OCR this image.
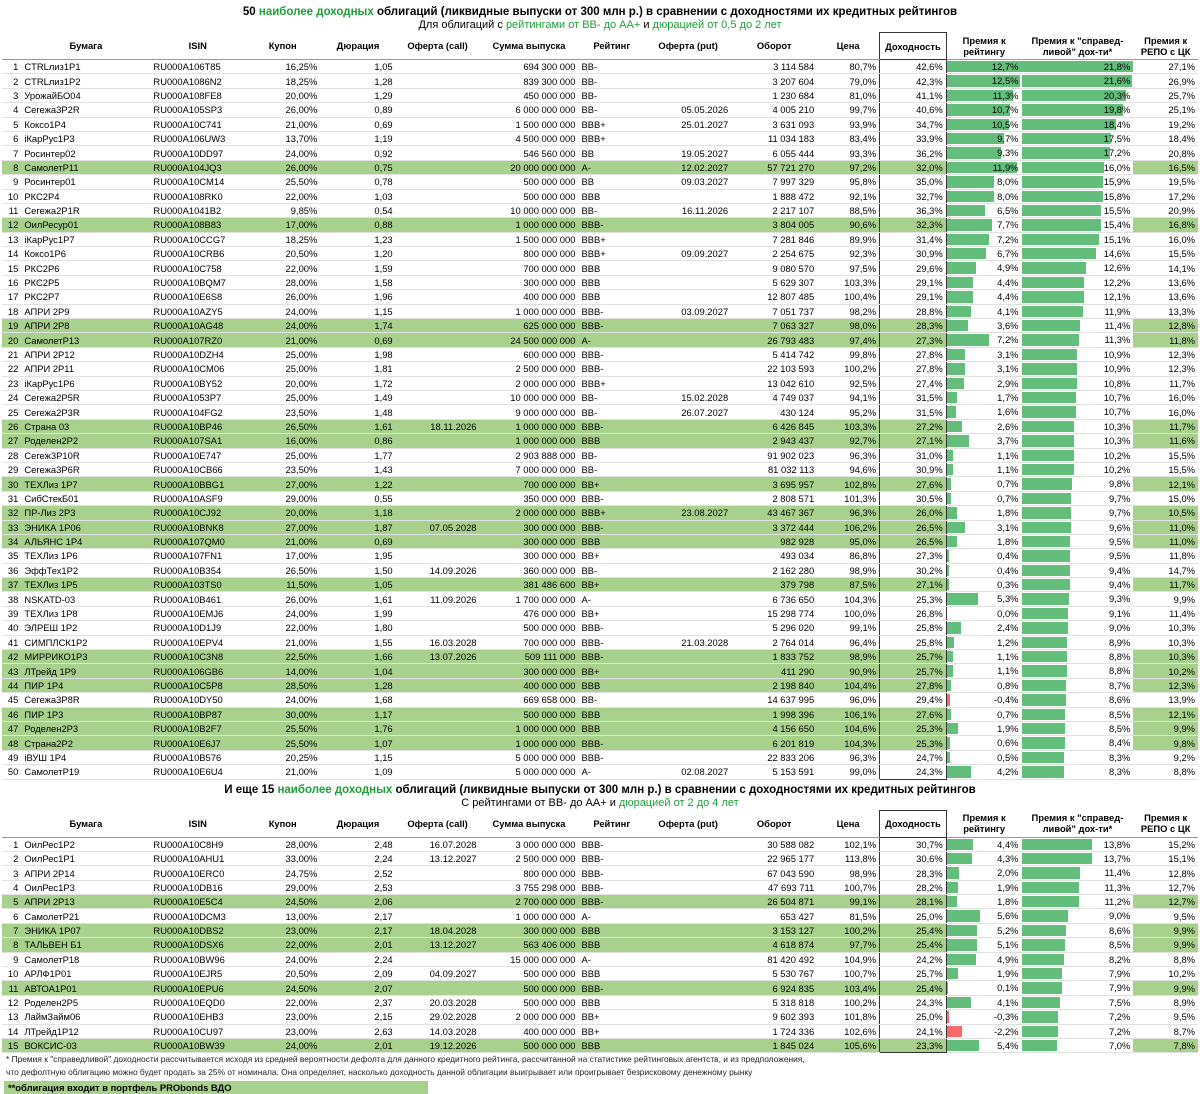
50 наиболее доходных облигаций (ликвидные выпуски от 300 млн р.) в сравнении с доходностями их кредитных рейтингов
Для облигаций с рейтингами от BB- до AA+ и дюрацией от 0,5 до 2 лет
	Бумага	ISIN	Купон	Дюрация	Оферта (call)	Сумма выпуска	Рейтинг	Оферта (put)	Оборот	Цена	Доходность	Премия к рейтингу	Премия к "справед-ливой" дох-ти*	Премия к РЕПО с ЦК
1	CTRLлиз1P1	RU000A106T85	16,25%	1,05		694 300 000	BB-		3 114 584	80,7%	42,6%	12,7%	21,8%	27,1%
2	CTRLлиз1P2	RU000A1086N2	18,25%	1,28		839 300 000	BB-		3 207 604	79,0%	42,3%	12,5%	21,6%	26,9%
3	УрожайБО04	RU000A108FE8	20,00%	1,29		450 000 000	BB-		1 230 684	81,0%	41,1%	11,3%	20,3%	25,7%
4	Сегежа3Р2R	RU000A105SP3	26,00%	0,89		6 000 000 000	BB-	05.05.2026	4 005 210	99,7%	40,6%	10,7%	19,8%	25,1%
5	Коксо1P4	RU000A10C741	21,00%	0,69		1 500 000 000	BBB+	25.01.2027	3 631 093	93,9%	34,7%	10,5%	18,4%	19,2%
6	iКарРус1P3	RU000A106UW3	13,70%	1,19		4 500 000 000	BBB+		11 034 183	83,4%	33,9%	9,7%	17,5%	18,4%
7	Росинтер02	RU000A10DD97	24,00%	0,92		546 560 000	BB	19.05.2027	6 055 444	93,3%	36,2%	9,3%	17,2%	20,8%
8	СамолетP11	RU000A104JQ3	26,00%	0,75		20 000 000 000	A-	12.02.2027	57 721 270	97,2%	32,0%	11,9%	16,0%	16,5%
9	Росинтер01	RU000A10CM14	25,50%	0,78		500 000 000	BB	09.03.2027	7 997 329	95,8%	35,0%	8,0%	15,9%	19,5%
10	РКС2P4	RU000A108RK0	22,00%	1,03		500 000 000	BBB		1 888 472	92,1%	32,7%	8,0%	15,8%	17,2%
11	Сегежа2P1R	RU000A1041B2	9,85%	0,54		10 000 000 000	BB-	16.11.2026	2 217 107	88,5%	36,3%	6,5%	15,5%	20,9%
12	ОилРесур01	RU000A108B83	17,00%	0,88		1 000 000 000	BBB-		3 804 005	90,6%	32,3%	7,7%	15,4%	16,8%
13	iКарРус1P7	RU000A10CCG7	18,25%	1,23		1 500 000 000	BBB+		7 281 846	89,9%	31,4%	7,2%	15,1%	16,0%
14	Коксо1P6	RU000A10CRB6	20,50%	1,20		800 000 000	BBB+	09.09.2027	2 254 675	92,3%	30,9%	6,7%	14,6%	15,5%
15	РКС2P6	RU000A10C758	22,00%	1,59		700 000 000	BBB		9 080 570	97,5%	29,6%	4,9%	12,6%	14,1%
16	РКС2P5	RU000A10BQM7	28,00%	1,58		300 000 000	BBB		5 629 307	103,3%	29,1%	4,4%	12,2%	13,6%
17	РКС2P7	RU000A10E6S8	26,00%	1,96		400 000 000	BBB		12 807 485	100,4%	29,1%	4,4%	12,1%	13,6%
18	АПРИ 2Р9	RU000A10AZY5	24,00%	1,15		1 000 000 000	BBB-	03.09.2027	7 051 737	98,2%	28,8%	4,1%	11,9%	13,3%
19	АПРИ 2Р8	RU000A10AG48	24,00%	1,74		625 000 000	BBB-		7 063 327	98,0%	28,3%	3,6%	11,4%	12,8%
20	СамолетP13	RU000A107RZ0	21,00%	0,69		24 500 000 000	A-		26 793 483	97,4%	27,3%	7,2%	11,3%	11,8%
21	АПРИ 2Р12	RU000A10DZH4	25,00%	1,98		600 000 000	BBB-		5 414 742	99,8%	27,8%	3,1%	10,9%	12,3%
22	АПРИ 2Р11	RU000A10CM06	25,00%	1,81		2 500 000 000	BBB-		22 103 593	100,2%	27,8%	3,1%	10,9%	12,3%
23	iКарРус1P6	RU000A10BY52	20,00%	1,72		2 000 000 000	BBB+		13 042 610	92,5%	27,4%	2,9%	10,8%	11,7%
24	Сегежа2P5R	RU000A1053P7	25,00%	1,49		10 000 000 000	BB-	15.02.2028	4 749 037	94,1%	31,5%	1,7%	10,7%	16,0%
25	Сегежа2P3R	RU000A104FG2	23,50%	1,48		9 000 000 000	BB-	26.07.2027	430 124	95,2%	31,5%	1,6%	10,7%	16,0%
26	Страна 03	RU000A10BP46	26,50%	1,61	18.11.2026	1 000 000 000	BBB-		6 426 845	103,3%	27,2%	2,6%	10,3%	11,7%
27	Роделен2P2	RU000A107SA1	16,00%	0,86		1 000 000 000	BBB		2 943 437	92,7%	27,1%	3,7%	10,3%	11,6%
28	Сегеж3P10R	RU000A10E747	25,00%	1,77		2 903 888 000	BB-		91 902 023	96,3%	31,0%	1,1%	10,2%	15,5%
29	Сегежа3Р6R	RU000A10CB66	23,50%	1,43		7 000 000 000	BB-		81 032 113	94,6%	30,9%	1,1%	10,2%	15,5%
30	ТЕХЛиз 1Р7	RU000A10BBG1	27,00%	1,22		700 000 000	BB+		3 695 957	102,8%	27,6%	0,7%	9,8%	12,1%
31	СибСтекБ01	RU000A10ASF9	29,00%	0,55		350 000 000	BBB-		2 808 571	101,3%	30,5%	0,7%	9,7%	15,0%
32	ПР-Лиз 2Р3	RU000A10CJ92	20,00%	1,18		2 000 000 000	BBB+	23.08.2027	43 467 367	96,3%	26,0%	1,8%	9,7%	10,5%
33	ЭНИКА 1Р06	RU000A10BNK8	27,00%	1,87	07.05.2028	300 000 000	BBB-		3 372 444	106,2%	26,5%	3,1%	9,6%	11,0%
34	АЛЬЯНС 1Р4	RU000A107QM0	21,00%	0,69		300 000 000	BBB		982 928	95,0%	26,5%	1,8%	9,5%	11,0%
35	ТЕХЛиз 1Р6	RU000A107FN1	17,00%	1,95		300 000 000	BB+		493 034	86,8%	27,3%	0,4%	9,5%	11,8%
36	ЭффТех1Р2	RU000A10B354	26,50%	1,50	14.09.2026	360 000 000	BB-		2 162 280	98,9%	30,2%	0,4%	9,4%	14,7%
37	ТЕХЛиз 1Р5	RU000A103TS0	11,50%	1,05		381 486 600	BB+		379 798	87,5%	27,1%	0,3%	9,4%	11,7%
38	NSKATD-03	RU000A10B461	26,00%	1,61	11.09.2026	1 700 000 000	A-		6 736 650	104,3%	25,3%	5,3%	9,3%	9,9%
39	ТЕХЛиз 1Р8	RU000A10EMJ6	24,00%	1,99		476 000 000	BB+		15 298 774	100,0%	26,8%	0,0%	9,1%	11,4%
40	ЭЛРЕШ 1Р2	RU000A10D1J9	22,00%	1,80		500 000 000	BBB-		5 296 020	99,1%	25,8%	2,4%	9,0%	10,3%
41	СИМПЛСК1Р2	RU000A10EPV4	21,00%	1,55	16.03.2028	700 000 000	BBB-	21.03.2028	2 764 014	96,4%	25,8%	1,2%	8,9%	10,3%
42	МИРРИКО1Р3	RU000A10C3N8	22,50%	1,66	13.07.2026	509 111 000	BBB-		1 833 752	98,9%	25,7%	1,1%	8,8%	10,3%
43	ЛТрейд 1Р9	RU000A106GB6	14,00%	1,04		300 000 000	BB+		411 290	90,9%	25,7%	1,1%	8,8%	10,2%
44	ПИР 1Р4	RU000A10C5P8	28,50%	1,28		400 000 000	BBB		2 198 840	104,4%	27,8%	0,8%	8,7%	12,3%
45	Сегежа3Р8R	RU000A10DY50	24,00%	1,68		669 658 000	BB-		14 637 995	96,0%	29,4%	-0,4%	8,6%	13,9%
46	ПИР 1Р3	RU000A10BP87	30,00%	1,17		500 000 000	BBB		1 998 396	106,1%	27,6%	0,7%	8,5%	12,1%
47	Роделен2Р3	RU000A10B2F7	25,50%	1,76		1 000 000 000	BBB		4 156 650	104,6%	25,3%	1,9%	8,5%	9,9%
48	Страна2Р2	RU000A10E6J7	25,50%	1,07		1 000 000 000	BBB-		6 201 819	104,3%	25,3%	0,6%	8,4%	9,8%
49	iВУШ 1Р4	RU000A10B576	20,25%	1,15		5 000 000 000	BBB-		22 833 206	96,3%	24,7%	0,5%	8,3%	9,2%
50	СамолетР19	RU000A10E6U4	21,00%	1,09		5 000 000 000	A-	02.08.2027	5 153 591	99,0%	24,3%	4,2%	8,3%	8,8%
И еще 15 наиболее доходных облигаций (ликвидные выпуски от 300 млн р.) в сравнении с доходностями их кредитных рейтингов
С рейтингами от BB- до AA+ и дюрацией от 2 до 4 лет
	Бумага	ISIN	Купон	Дюрация	Оферта (call)	Сумма выпуска	Рейтинг	Оферта (put)	Оборот	Цена	Доходность	Премия к рейтингу	Премия к "справед-ливой" дох-ти*	Премия к РЕПО с ЦК
1	ОилРес1Р2	RU000A10C8H9	28,00%	2,48	16.07.2028	3 000 000 000	BBB-		30 588 082	102,1%	30,7%	4,4%	13,8%	15,2%
2	ОилРес1Р1	RU000A10AHU1	33,00%	2,24	13.12.2027	2 500 000 000	BBB-		22 965 177	113,8%	30,6%	4,3%	13,7%	15,1%
3	АПРИ 2Р14	RU000A10ERC0	24,75%	2,52		800 000 000	BBB-		67 043 590	98,9%	28,3%	2,0%	11,4%	12,8%
4	ОилРес1Р3	RU000A10DB16	29,00%	2,53		3 755 298 000	BBB-		47 693 711	100,7%	28,2%	1,9%	11,3%	12,7%
5	АПРИ 2Р13	RU000A10E5C4	24,50%	2,06		2 700 000 000	BBB-		26 504 871	99,1%	28,1%	1,8%	11,2%	12,7%
6	СамолетР21	RU000A10DCM3	13,00%	2,17		1 000 000 000	A-		653 427	81,5%	25,0%	5,6%	9,0%	9,5%
7	ЭНИКА 1Р07	RU000A10DBS2	23,00%	2,17	18.04.2028	300 000 000	BBB		3 153 127	100,2%	25,4%	5,2%	8,6%	9,9%
8	ТАЛЬВЕН Б1	RU000A10DSX6	22,00%	2,01	13.12.2027	563 406 000	BBB		4 618 874	97,7%	25,4%	5,1%	8,5%	9,9%
9	СамолетР18	RU000A10BW96	24,00%	2,24		15 000 000 000	A-		81 420 492	104,9%	24,2%	4,9%	8,2%	8,8%
10	АРЛФ1Р01	RU000A10EJR5	20,50%	2,09	04.09.2027	500 000 000	BBB		5 530 767	100,7%	25,7%	1,9%	7,9%	10,2%
11	АВТОА1Р01	RU000A10EPU6	24,50%	2,07		500 000 000	BBB-		6 924 835	103,4%	25,4%	0,1%	7,9%	9,9%
12	Роделен2Р5	RU000A10EQD0	22,00%	2,37	20.03.2028	500 000 000	BBB		5 318 818	100,2%	24,3%	4,1%	7,5%	8,9%
13	ЛаймЗайм06	RU000A10EHB3	23,00%	2,15	29.02.2028	2 000 000 000	BB+		9 602 393	101,8%	25,0%	-0,3%	7,2%	9,5%
14	ЛТрейд1Р12	RU000A10CU97	23,00%	2,63	14.03.2028	400 000 000	BB+		1 724 336	102,6%	24,1%	-2,2%	7,2%	8,7%
15	ВОКСИС-03	RU000A10BW39	24,00%	2,01	19.12.2026	500 000 000	BBB		1 845 024	105,6%	23,3%	5,4%	7,0%	7,8%
* Премия к "справедливой" доходности рассчитывается исходя из средней вероятности дефолта для данного кредитного рейтинга, рассчитанной на статистике рейтинговых агентств, и из предположения,
что дефолтную облигацию можно будет продать за 25% от номинала. Она определяет, насколько доходность данной облигации выигрывает или проигрывает безрисковому денежному рынку
**облигация входит в портфель PRObonds ВДО
